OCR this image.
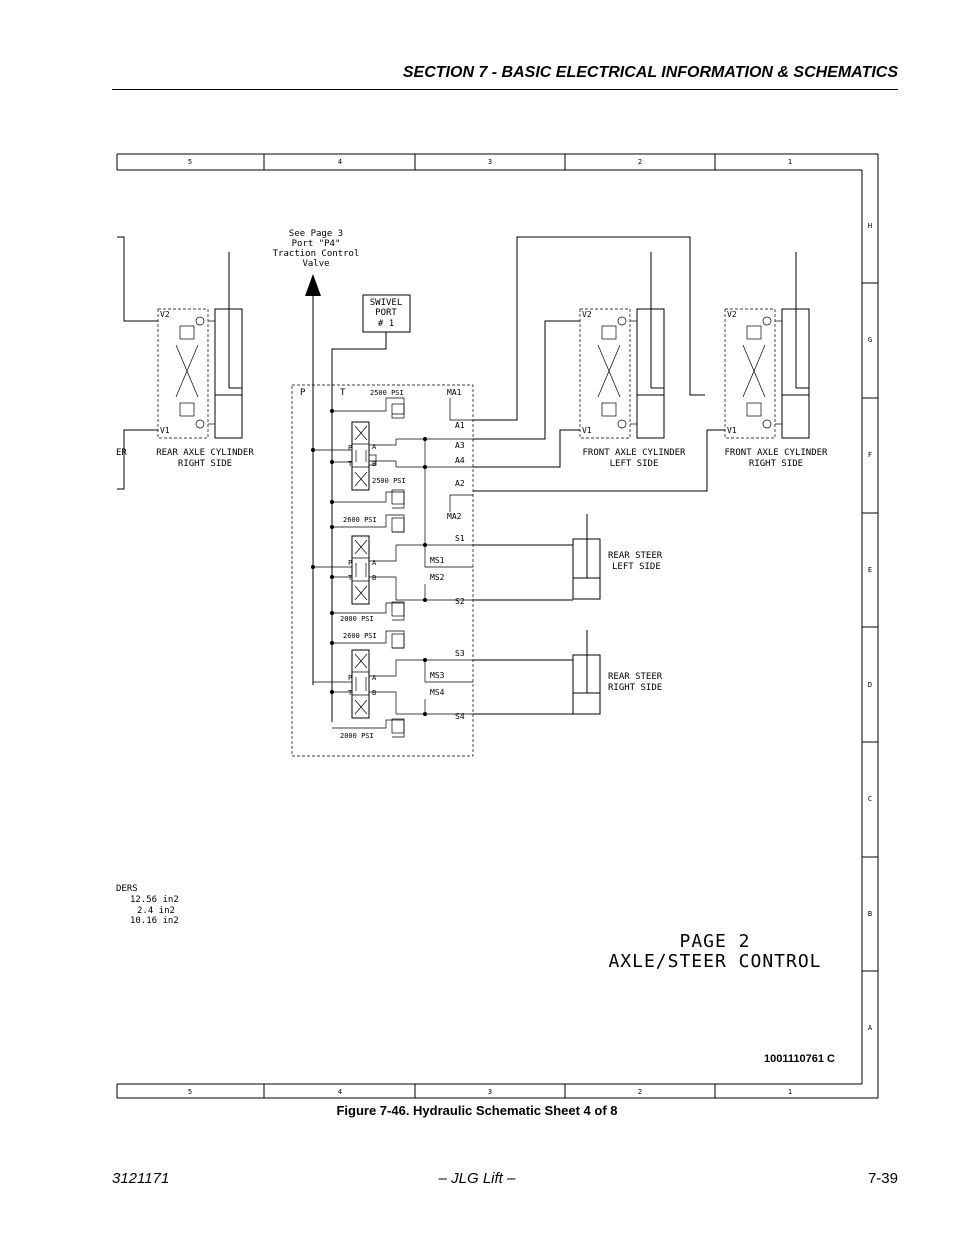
SECTION 7 - BASIC ELECTRICAL INFORMATION & SCHEMATICS
5	4	3	2	1
5	4	3	2	1
H
G
F
E
D
C
B
A
See Page 3
Port "P4"
Traction Control
Valve
SWIVEL
PORT
# 1
P	T	2500 PSI
2500 PSI
2600 PSI
2000 PSI
2600 PSI
2000 PSI
MA1
A1
A3
A4
A2
MA2
S1
MS1
MS2
S2
S3
MS3
MS4
S4
P
T
A
B
P
T
A
B
P
T
A
B
V2
V1
REAR AXLE CYLINDER
RIGHT SIDE
V2
V1
FRONT AXLE CYLINDER
LEFT SIDE
V2
V1
FRONT AXLE CYLINDER
RIGHT SIDE
REAR STEER
LEFT SIDE
REAR STEER
RIGHT SIDE
ER
DERS
12.56 in2
2.4 in2
10.16 in2
PAGE 2
AXLE/STEER CONTROL
1001110761 C
Figure 7-46. Hydraulic Schematic Sheet 4 of 8
3121171	– JLG Lift –	7-39
